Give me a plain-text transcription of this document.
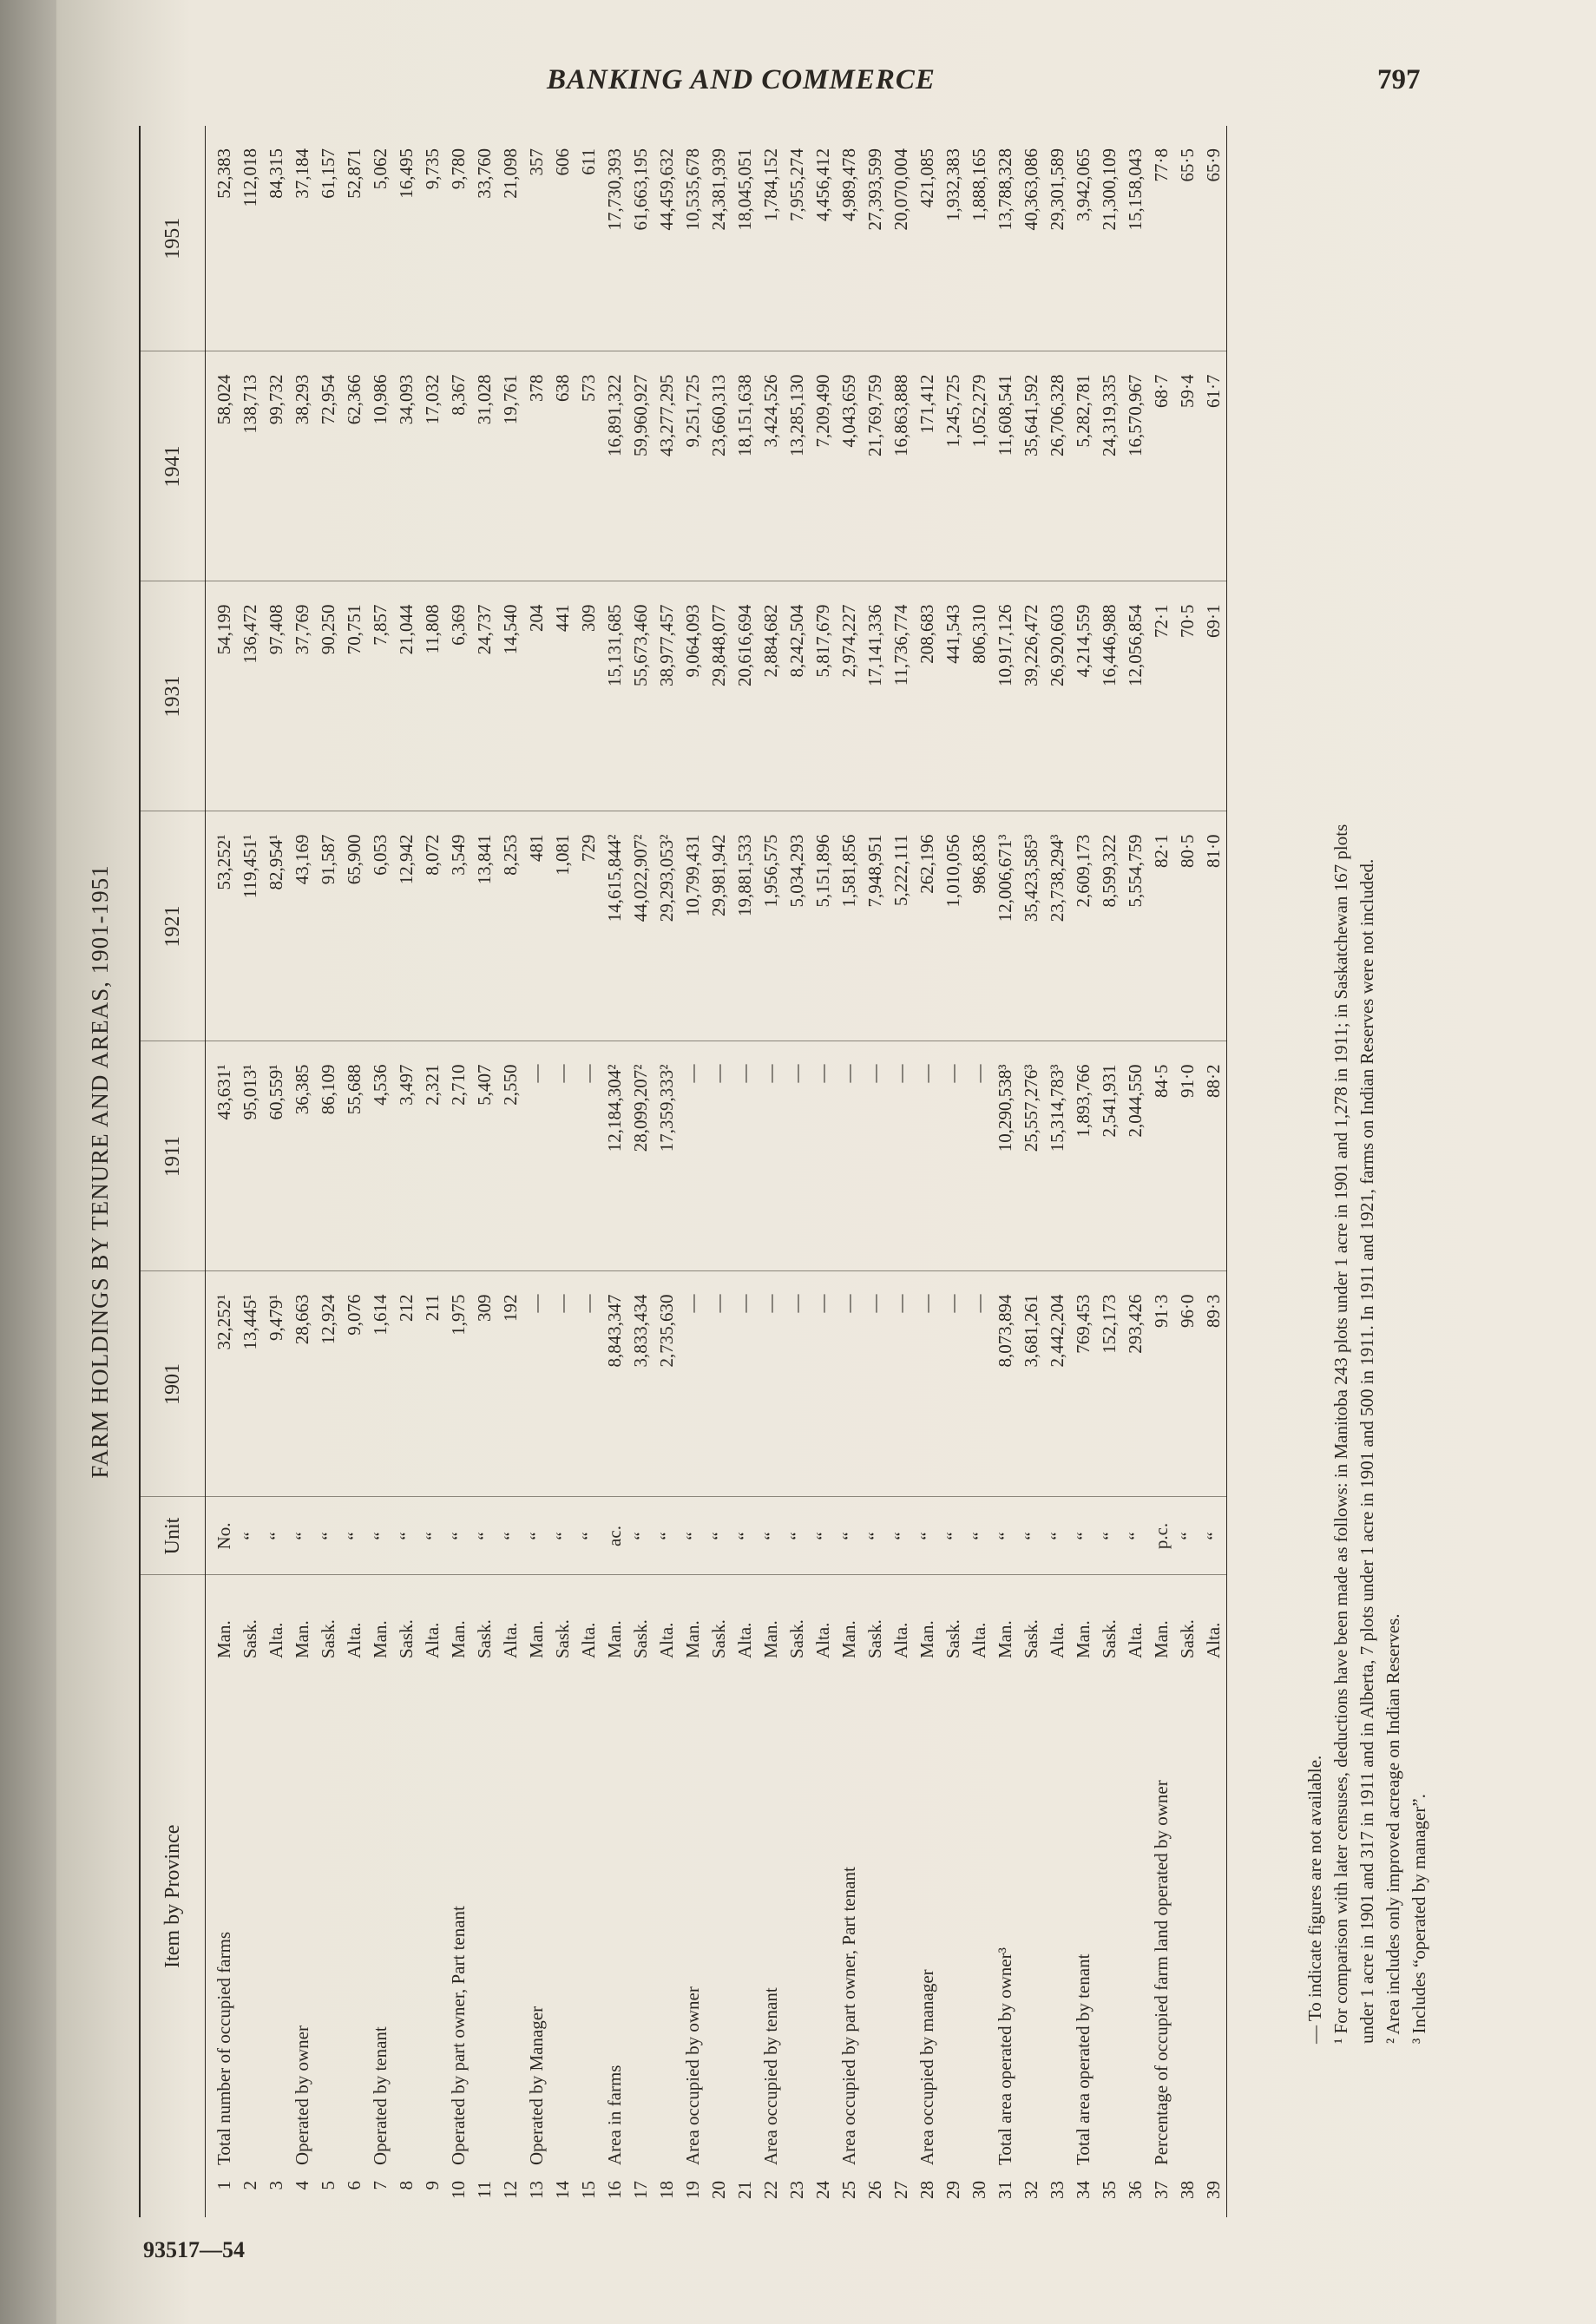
BANKING AND COMMERCE	797
93517—54
FARM HOLDINGS BY TENURE AND AREAS, 1901-1951
Item by Province			Unit	1901	1911	1921	1931	1941	1951
1	Total number of occupied farms	Man.	No.	32,252¹	43,631¹	53,252¹	54,199	58,024	52,383
2		Sask.	“	13,445¹	95,013¹	119,451¹	136,472	138,713	112,018
3		Alta.	“	9,479¹	60,559¹	82,954¹	97,408	99,732	84,315
4	Operated by owner	Man.	“	28,663	36,385	43,169	37,769	38,293	37,184
5		Sask.	“	12,924	86,109	91,587	90,250	72,954	61,157
6		Alta.	“	9,076	55,688	65,900	70,751	62,366	52,871
7	Operated by tenant	Man.	“	1,614	4,536	6,053	7,857	10,986	5,062
8		Sask.	“	212	3,497	12,942	21,044	34,093	16,495
9		Alta.	“	211	2,321	8,072	11,808	17,032	9,735
10	Operated by part owner, Part tenant	Man.	“	1,975	2,710	3,549	6,369	8,367	9,780
11		Sask.	“	309	5,407	13,841	24,737	31,028	33,760
12		Alta.	“	192	2,550	8,253	14,540	19,761	21,098
13	Operated by Manager	Man.	“	—	—	481	204	378	357
14		Sask.	“	—	—	1,081	441	638	606
15		Alta.	“	—	—	729	309	573	611
16	Area in farms	Man.	ac.	8,843,347	12,184,304²	14,615,844²	15,131,685	16,891,322	17,730,393
17		Sask.	“	3,833,434	28,099,207²	44,022,907²	55,673,460	59,960,927	61,663,195
18		Alta.	“	2,735,630	17,359,333²	29,293,053²	38,977,457	43,277,295	44,459,632
19	Area occupied by owner	Man.	“	—	—	10,799,431	9,064,093	9,251,725	10,535,678
20		Sask.	“	—	—	29,981,942	29,848,077	23,660,313	24,381,939
21		Alta.	“	—	—	19,881,533	20,616,694	18,151,638	18,045,051
22	Area occupied by tenant	Man.	“	—	—	1,956,575	2,884,682	3,424,526	1,784,152
23		Sask.	“	—	—	5,034,293	8,242,504	13,285,130	7,955,274
24		Alta.	“	—	—	5,151,896	5,817,679	7,209,490	4,456,412
25	Area occupied by part owner, Part tenant	Man.	“	—	—	1,581,856	2,974,227	4,043,659	4,989,478
26		Sask.	“	—	—	7,948,951	17,141,336	21,769,759	27,393,599
27		Alta.	“	—	—	5,222,111	11,736,774	16,863,888	20,070,004
28	Area occupied by manager	Man.	“	—	—	262,196	208,683	171,412	421,085
29		Sask.	“	—	—	1,010,056	441,543	1,245,725	1,932,383
30		Alta.	“	—	—	986,836	806,310	1,052,279	1,888,165
31	Total area operated by owner³	Man.	“	8,073,894	10,290,538³	12,006,671³	10,917,126	11,608,541	13,788,328
32		Sask.	“	3,681,261	25,557,276³	35,423,585³	39,226,472	35,641,592	40,363,086
33		Alta.	“	2,442,204	15,314,783³	23,738,294³	26,920,603	26,706,328	29,301,589
34	Total area operated by tenant	Man.	“	769,453	1,893,766	2,609,173	4,214,559	5,282,781	3,942,065
35		Sask.	“	152,173	2,541,931	8,599,322	16,446,988	24,319,335	21,300,109
36		Alta.	“	293,426	2,044,550	5,554,759	12,056,854	16,570,967	15,158,043
37	Percentage of occupied farm land operated by owner	Man.	p.c.	91·3	84·5	82·1	72·1	68·7	77·8
38		Sask.	“	96·0	91·0	80·5	70·5	59·4	65·5
39		Alta.	“	89·3	88·2	81·0	69·1	61·7	65·9
— To indicate figures are not available. ¹ For comparison with later censuses, deductions have been made as follows: in Manitoba 243 plots under 1 acre in 1901 and 1,278 in 1911; in Saskatchewan 167 plots under 1 acre in 1901 and 317 in 1911 and in Alberta, 7 plots under 1 acre in 1901 and 500 in 1911. In 1911 and 1921, farms on Indian Reserves were not included. ² Area includes only improved acreage on Indian Reserves. ³ Includes “operated by manager”.
